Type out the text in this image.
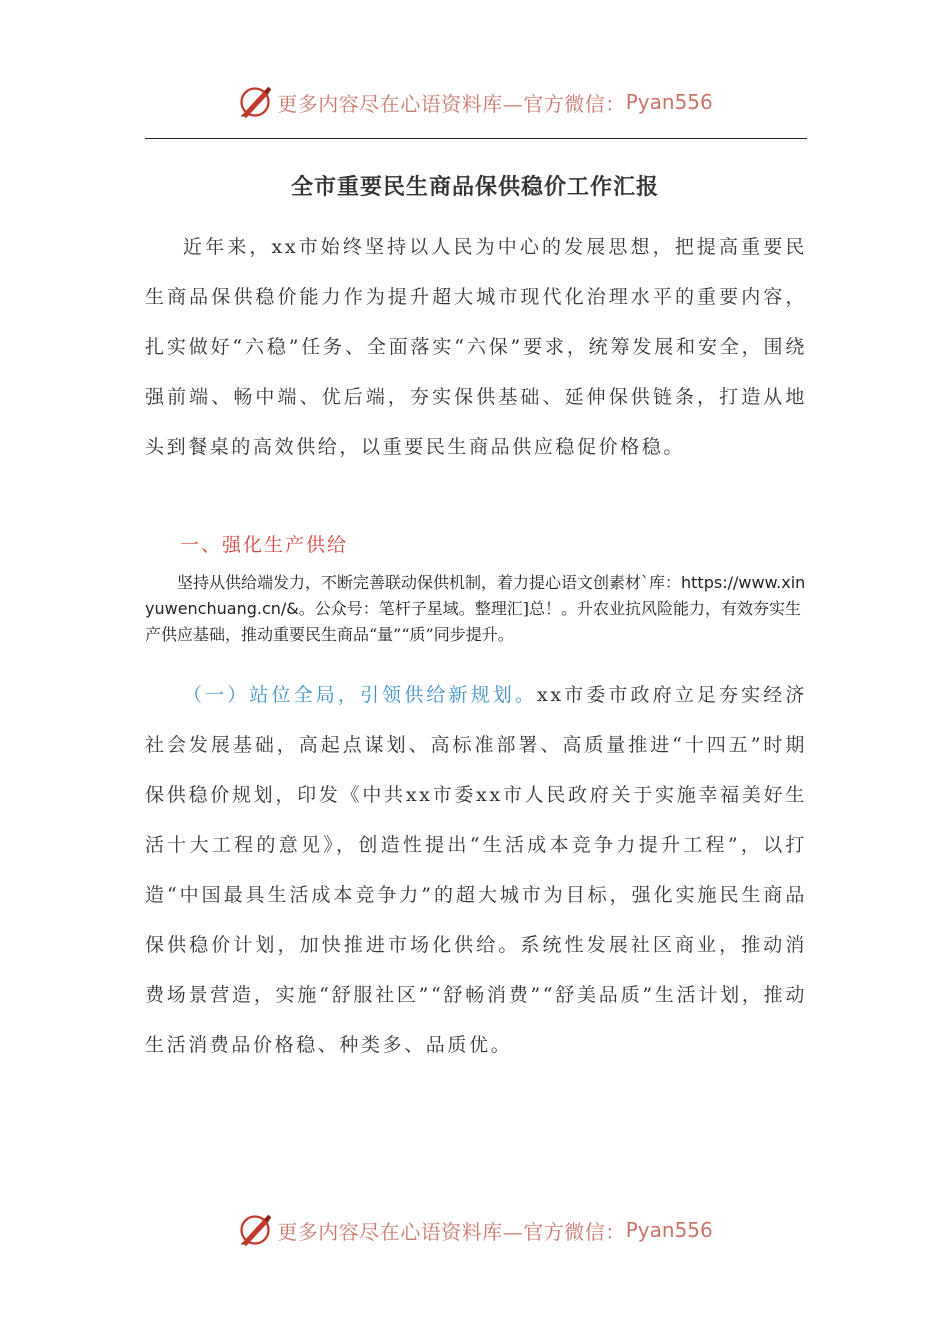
更多内容尽在心语资料库—官方微信： Pyan556
全市重要民生商品保供稳价工作汇报

近年来，xx市始终坚持以人民为中心的发展思想，把提高重要民生商品保供稳价能力作为提升超大城市现代化治理水平的重要内容，扎实做好“六稳”任务、全面落实“六保”要求，统筹发展和安全，围绕强前端、畅中端、优后端，夯实保供基础、延伸保供链条，打造从地头到餐桌的高效供给，以重要民生商品供应稳促价格稳。

一、强化生产供给

坚持从供给端发力，不断完善联动保供机制，着力提心语文创素材`库：https://www.xinyuwenchuang.cn/&。公众号：笔杆子星域。整理汇]总！。升农业抗风险能力，有效夯实生产供应基础，推动重要民生商品“量”“质”同步提升。

（一）站位全局，引领供给新规划。xx市委市政府立足夯实经济社会发展基础，高起点谋划、高标准部署、高质量推进“十四五”时期保供稳价规划，印发《中共xx市委xx市人民政府关于实施幸福美好生活十大工程的意见》，创造性提出“生活成本竞争力提升工程”，以打造“中国最具生活成本竞争力”的超大城市为目标，强化实施民生商品保供稳价计划，加快推进市场化供给。系统性发展社区商业，推动消费场景营造，实施“舒服社区”“舒畅消费”“舒美品质”生活计划，推动生活消费品价格稳、种类多、品质优。

更多内容尽在心语资料库—官方微信： Pyan556
